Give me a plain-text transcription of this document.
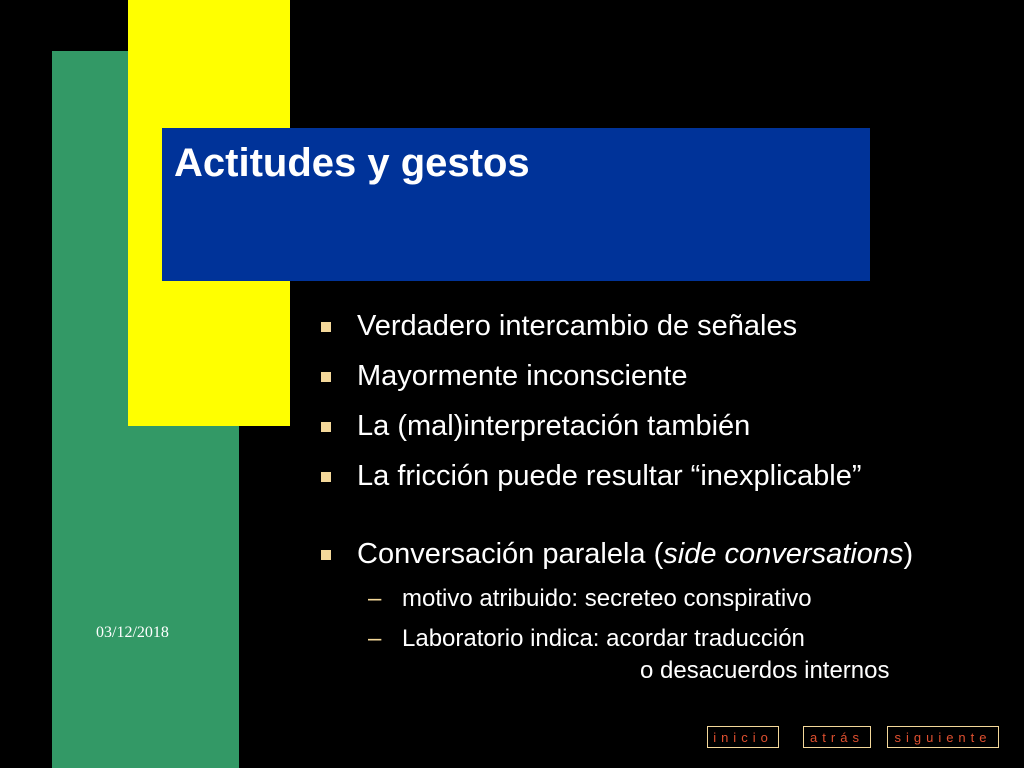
Actitudes y gestos
Verdadero intercambio de señales
Mayormente inconsciente
La (mal)interpretación también
La fricción puede resultar “inexplicable”
Conversación paralela (side conversations)
– motivo atribuido: secreteo conspirativo
– Laboratorio indica: acordar traducción
o desacuerdos internos
03/12/2018
inicio	atrás	siguiente
